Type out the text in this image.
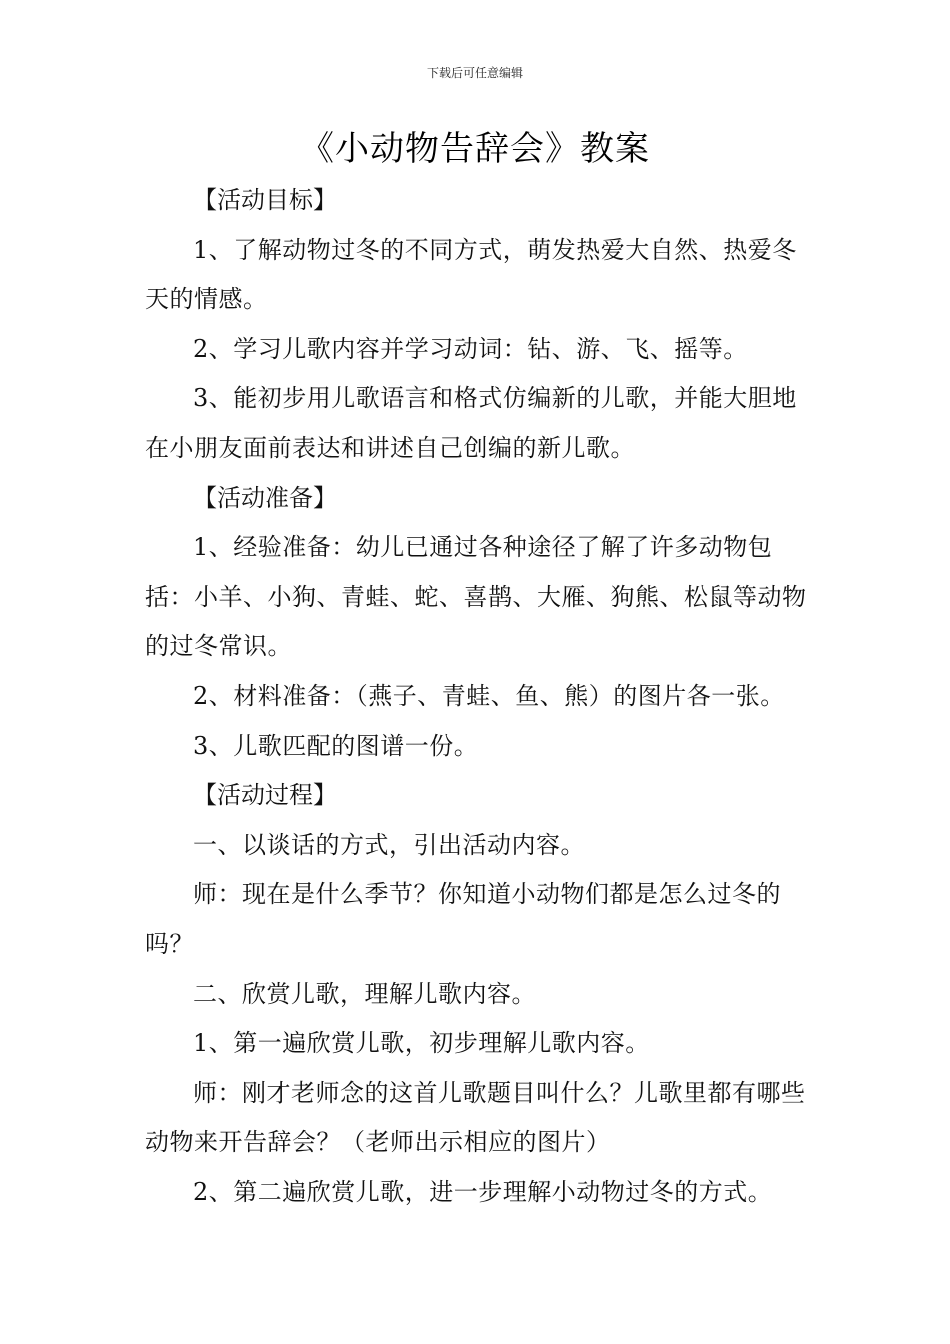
下载后可任意编辑
《小动物告辞会》教案

【活动目标】

1、了解动物过冬的不同方式，萌发热爱大自然、热爱冬天的情感。

2、学习儿歌内容并学习动词：钻、游、飞、摇等。

3、能初步用儿歌语言和格式仿编新的儿歌，并能大胆地在小朋友面前表达和讲述自己创编的新儿歌。

【活动准备】

1、经验准备：幼儿已通过各种途径了解了许多动物包括：小羊、小狗、青蛙、蛇、喜鹊、大雁、狗熊、松鼠等动物的过冬常识。

2、材料准备：（燕子、青蛙、鱼、熊）的图片各一张。

3、儿歌匹配的图谱一份。

【活动过程】

一、以谈话的方式，引出活动内容。

师：现在是什么季节？你知道小动物们都是怎么过冬的吗？

二、欣赏儿歌，理解儿歌内容。

1、第一遍欣赏儿歌，初步理解儿歌内容。

师：刚才老师念的这首儿歌题目叫什么？儿歌里都有哪些动物来开告辞会？（老师出示相应的图片）

2、第二遍欣赏儿歌，进一步理解小动物过冬的方式。
